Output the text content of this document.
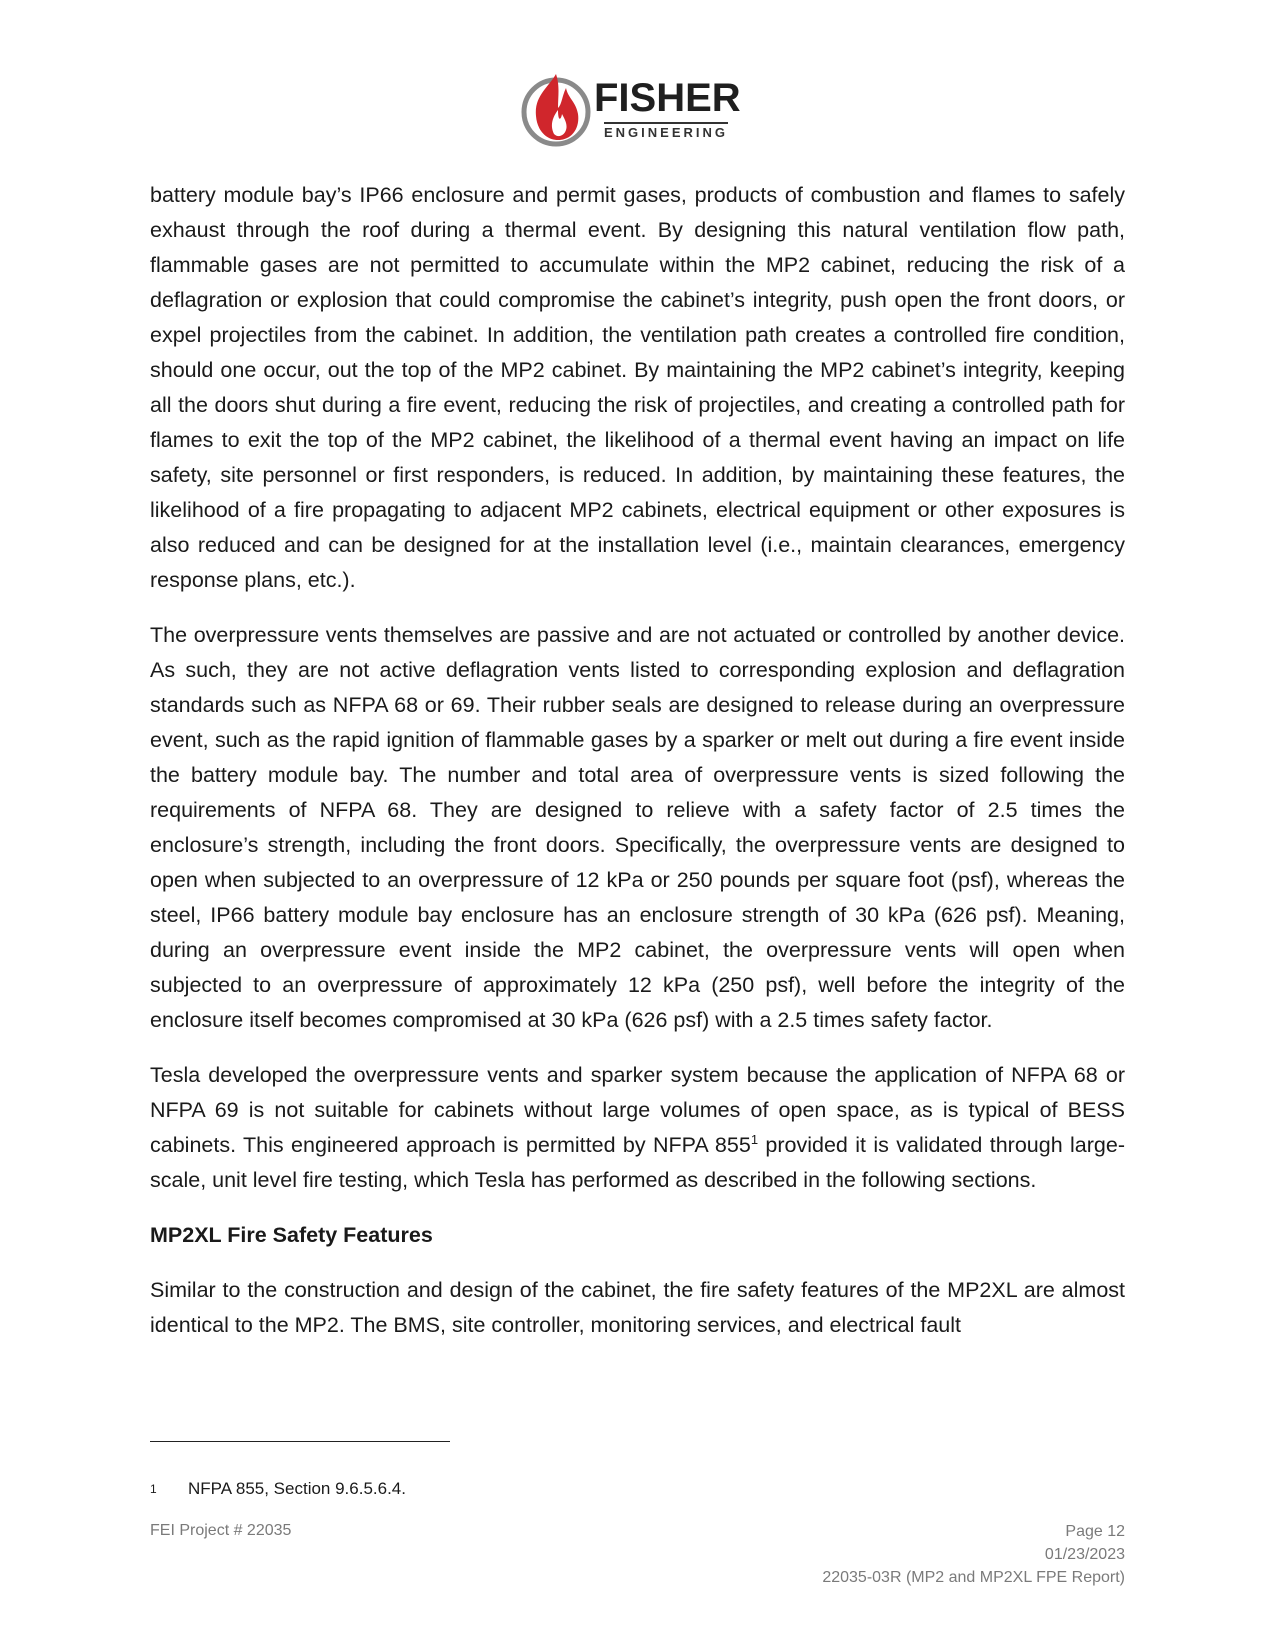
FISHER
ENGINEERING

battery module bay’s IP66 enclosure and permit gases, products of combustion and flames to safely exhaust through the roof during a thermal event. By designing this natural ventilation flow path, flammable gases are not permitted to accumulate within the MP2 cabinet, reducing the risk of a deflagration or explosion that could compromise the cabinet’s integrity, push open the front doors, or expel projectiles from the cabinet. In addition, the ventilation path creates a controlled fire condition, should one occur, out the top of the MP2 cabinet. By maintaining the MP2 cabinet’s integrity, keeping all the doors shut during a fire event, reducing the risk of projectiles, and creating a controlled path for flames to exit the top of the MP2 cabinet, the likelihood of a thermal event having an impact on life safety, site personnel or first responders, is reduced. In addition, by maintaining these features, the likelihood of a fire propagating to adjacent MP2 cabinets, electrical equipment or other exposures is also reduced and can be designed for at the installation level (i.e., maintain clearances, emergency response plans, etc.).

The overpressure vents themselves are passive and are not actuated or controlled by another device. As such, they are not active deflagration vents listed to corresponding explosion and deflagration standards such as NFPA 68 or 69. Their rubber seals are designed to release during an overpressure event, such as the rapid ignition of flammable gases by a sparker or melt out during a fire event inside the battery module bay. The number and total area of overpressure vents is sized following the requirements of NFPA 68. They are designed to relieve with a safety factor of 2.5 times the enclosure’s strength, including the front doors. Specifically, the overpressure vents are designed to open when subjected to an overpressure of 12 kPa or 250 pounds per square foot (psf), whereas the steel, IP66 battery module bay enclosure has an enclosure strength of 30 kPa (626 psf). Meaning, during an overpressure event inside the MP2 cabinet, the overpressure vents will open when subjected to an overpressure of approximately 12 kPa (250 psf), well before the integrity of the enclosure itself becomes compromised at 30 kPa (626 psf) with a 2.5 times safety factor.

Tesla developed the overpressure vents and sparker system because the application of NFPA 68 or NFPA 69 is not suitable for cabinets without large volumes of open space, as is typical of BESS cabinets. This engineered approach is permitted by NFPA $855^1$ provided it is validated through large-scale, unit level fire testing, which Tesla has performed as described in the following sections.

MP2XL Fire Safety Features

Similar to the construction and design of the cabinet, the fire safety features of the MP2XL are almost identical to the MP2. The BMS, site controller, monitoring services, and electrical fault

1 NFPA 855, Section 9.6.5.6.4.
FEI Project # 22035	Page 12
01/23/2023
22035-03R (MP2 and MP2XL FPE Report)
